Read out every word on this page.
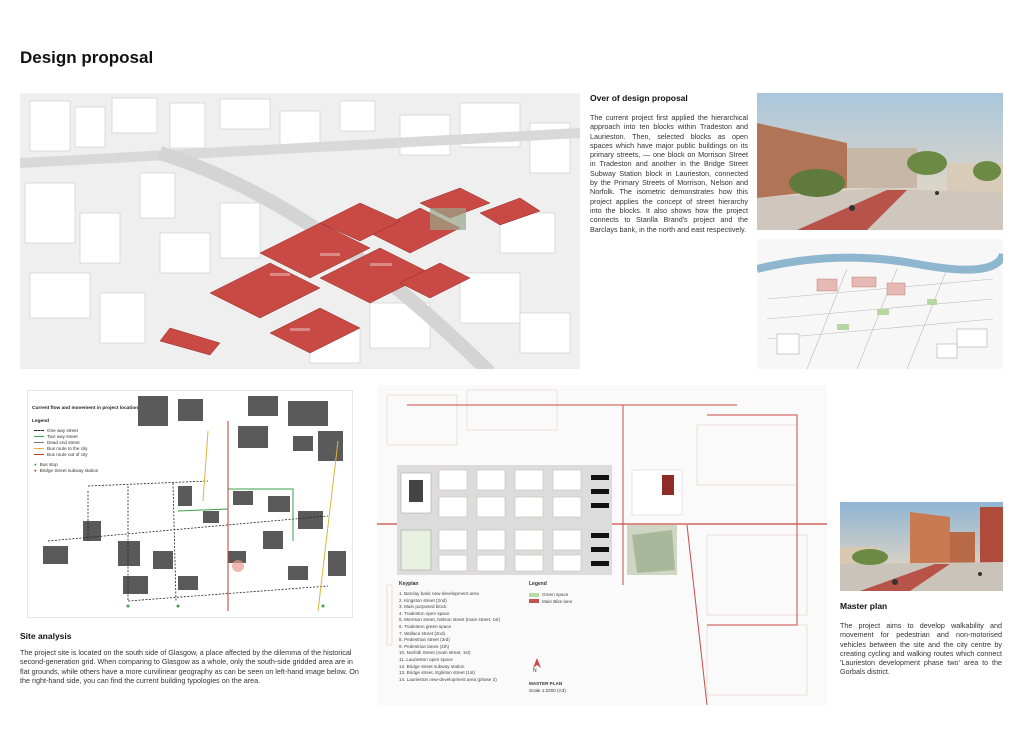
Design proposal
Over of design proposal
The current project first applied the hierarchical approach into ten blocks within Tradeston and Laurieston. Then, selected blocks as open spaces which have major public buildings on its primary streets, — one block on Morrison Street in Tradeston and another in the Bridge Street Subway Station block in Laurieston, connected by the Primary Streets of Morrison, Nelson and Norfolk. The isometric demonstrates how this project applies the concept of street hierarchy into the blocks. It also shows how the project connects to Stanlla Brand's project and the Barclays bank, in the north and east respectively.
Current flow and movement in project location
Legend
One way street
Two way street
Dead end street
Bus route to the city
Bus route out of city
● Bus stop
● Bridge Street subway station
Site analysis
The project site is located on the south side of Glasgow, a place affected by the dilemma of the historical second-generation grid. When comparing to Glasgow as a whole, only the south-side gridded area are in flat grounds, while others have a more curvilinear geography as can be seen on left-hand image below. On the right-hand side, you can find the current building typologies on the area.
Keyplan
1. Barclay bank new-development area
2. Kingston street (2nd)
3. Main purposed block
4. Tradeston open space
5. Morrison street, Nelson street (main street, 1st)
6. Tradeston green space
7. Wallace street (2nd)
8. Pedestrian street (3rd)
9. Pedestrian lanes (4th)
10. Norfolk Street (main street, 1st)
11. Laurieston open space
12. Bridge street subway station
13. Bridge street, Eglinton street (1st)
14. Laurieston new-development area (phase 2)
Legend
Green space
Main Bike lane
N
MASTER PLAN
Scale 1:2200 (A3)
Master plan
The project aims to develop walkability and movement for pedestrian and non-motorised vehicles between the site and the city centre by creating cycling and walking routes which connect 'Laurieston development phase two' area to the Gorbals district.
